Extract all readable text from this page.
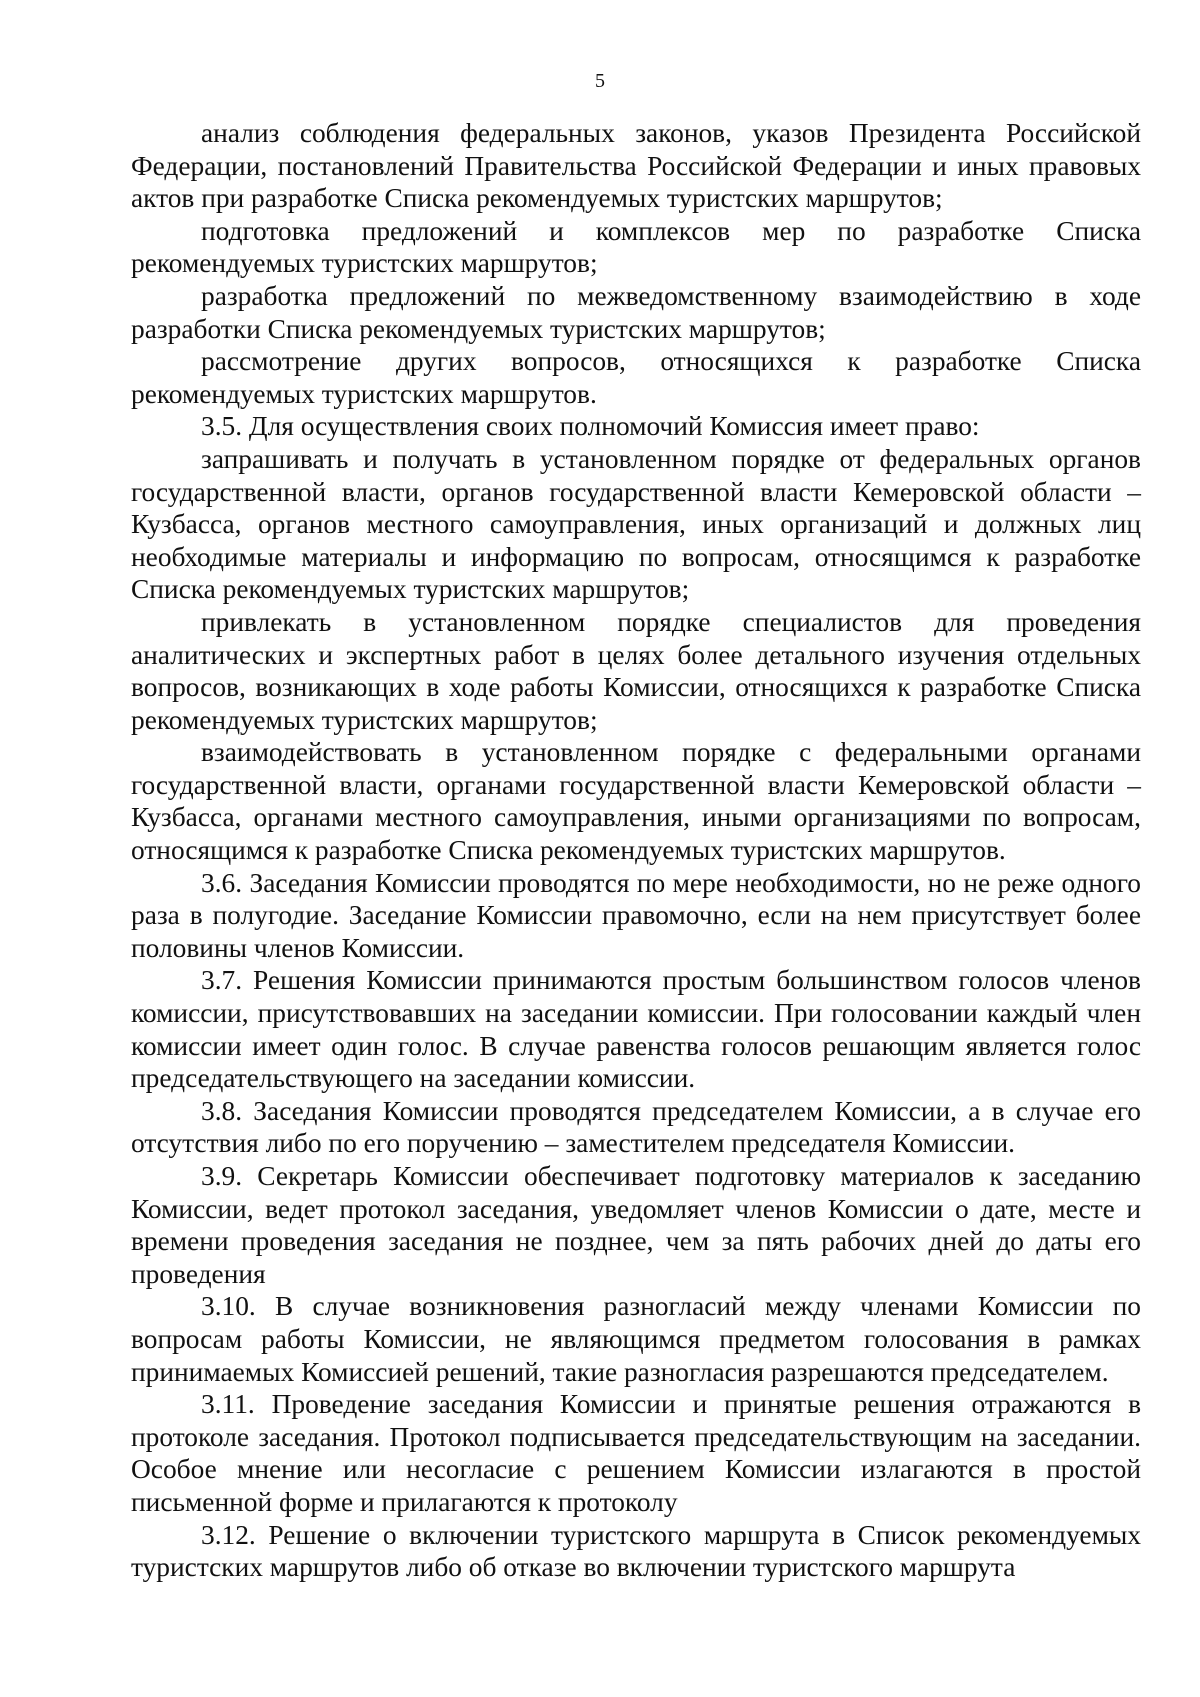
5

анализ соблюдения федеральных законов, указов Президента Российской Федерации, постановлений Правительства Российской Федерации и иных правовых актов при разработке Списка рекомендуемых туристских маршрутов;

подготовка предложений и комплексов мер по разработке Списка рекомендуемых туристских маршрутов;

разработка предложений по межведомственному взаимодействию в ходе разработки Списка рекомендуемых туристских маршрутов;

рассмотрение других вопросов, относящихся к разработке Списка рекомендуемых туристских маршрутов.

3.5. Для осуществления своих полномочий Комиссия имеет право:

запрашивать и получать в установленном порядке от федеральных органов государственной власти, органов государственной власти Кемеровской области – Кузбасса, органов местного самоуправления, иных организаций и должных лиц необходимые материалы и информацию по вопросам, относящимся к разработке Списка рекомендуемых туристских маршрутов;

привлекать в установленном порядке специалистов для проведения аналитических и экспертных работ в целях более детального изучения отдельных вопросов, возникающих в ходе работы Комиссии, относящихся к разработке Списка рекомендуемых туристских маршрутов;

взаимодействовать в установленном порядке с федеральными органами государственной власти, органами государственной власти Кемеровской области – Кузбасса, органами местного самоуправления, иными организациями по вопросам, относящимся к разработке Списка рекомендуемых туристских маршрутов.

3.6. Заседания Комиссии проводятся по мере необходимости, но не реже одного раза в полугодие. Заседание Комиссии правомочно, если на нем присутствует более половины членов Комиссии.

3.7. Решения Комиссии принимаются простым большинством голосов членов комиссии, присутствовавших на заседании комиссии. При голосовании каждый член комиссии имеет один голос. В случае равенства голосов решающим является голос председательствующего на заседании комиссии.

3.8. Заседания Комиссии проводятся председателем Комиссии, а в случае его отсутствия либо по его поручению – заместителем председателя Комиссии.

3.9. Секретарь Комиссии обеспечивает подготовку материалов к заседанию Комиссии, ведет протокол заседания, уведомляет членов Комиссии о дате, месте и времени проведения заседания не позднее, чем за пять рабочих дней до даты его проведения

3.10. В случае возникновения разногласий между членами Комиссии по вопросам работы Комиссии, не являющимся предметом голосования в рамках принимаемых Комиссией решений, такие разногласия разрешаются председателем.

3.11. Проведение заседания Комиссии и принятые решения отражаются в протоколе заседания. Протокол подписывается председательствующим на заседании. Особое мнение или несогласие с решением Комиссии излагаются в простой письменной форме и прилагаются к протоколу

3.12. Решение о включении туристского маршрута в Список рекомендуемых туристских маршрутов либо об отказе во включении туристского маршрута
